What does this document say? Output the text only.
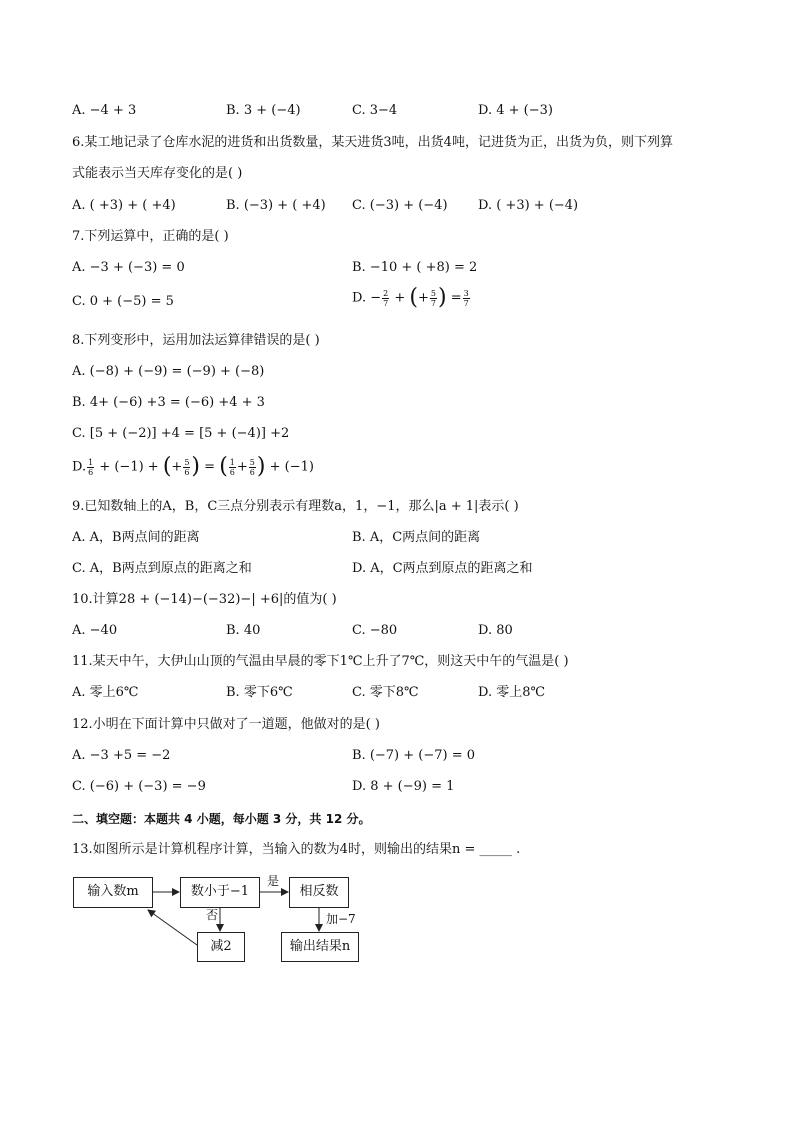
A. −4 + 3	B. 3 + (−4)	C. 3−4	D. 4 + (−3)
6.某工地记录了仓库水泥的进货和出货数量，某天进货3吨，出货4吨，记进货为正，出货为负，则下列算
式能表示当天库存变化的是( )
A. ( +3) + ( +4)	B. (−3) + ( +4) C. (−3) + (−4) D. ( +3) + (−4)
7.下列运算中，正确的是( )
A. −3 + (−3) = 0	B. −10 + ( +8) = 2
C. 0 + (−5) = 5	D. − $\frac{2}{7}$ + (+ $\frac{5}{7}$ ) = $\frac{3}{7}$
8.下列变形中，运用加法运算律错误的是( )
A. (−8) + (−9) = (−9) + (−8)
B. 4+ (−6) +3 = (−6) +4 + 3
C. [5 + (−2)] +4 = [5 + (−4)] +2
D. $\frac{1}{6} + (-1)$ + (+ $\frac{5}{6}$ ) = ( $\frac{1}{6} + \frac{5}{6}$ ) + (−1)
9.已知数轴上的A，B，C三点分别表示有理数a，1，−1，那么|a + 1|表示( )
A. A，B两点间的距离	B. A，C两点间的距离
C. A，B两点到原点的距离之和	D. A，C两点到原点的距离之和
10.计算28 + (−14)−(−32)−| +6|的值为( )
A. −40	B. 40	C. −80	D. 80
11.某天中午，大伊山山顶的气温由早晨的零下1℃上升了7℃，则这天中午的气温是( )
A. 零上6℃	B. 零下6℃	C. 零下8℃	D. 零上8℃
12.小明在下面计算中只做对了一道题，他做对的是( )
A. −3 +5 = −2	B. (−7) + (−7) = 0
C. (−6) + (−3) = −9	D. 8 + (−9) = 1
二、填空题：本题共 4 小题，每小题 3 分，共 12 分。
13.如图所示是计算机程序计算，当输入的数为4时，则输出的结果n = _____ .
输入数m	数小于−1	相反数
减2	输出结果n
是
否	加−7
